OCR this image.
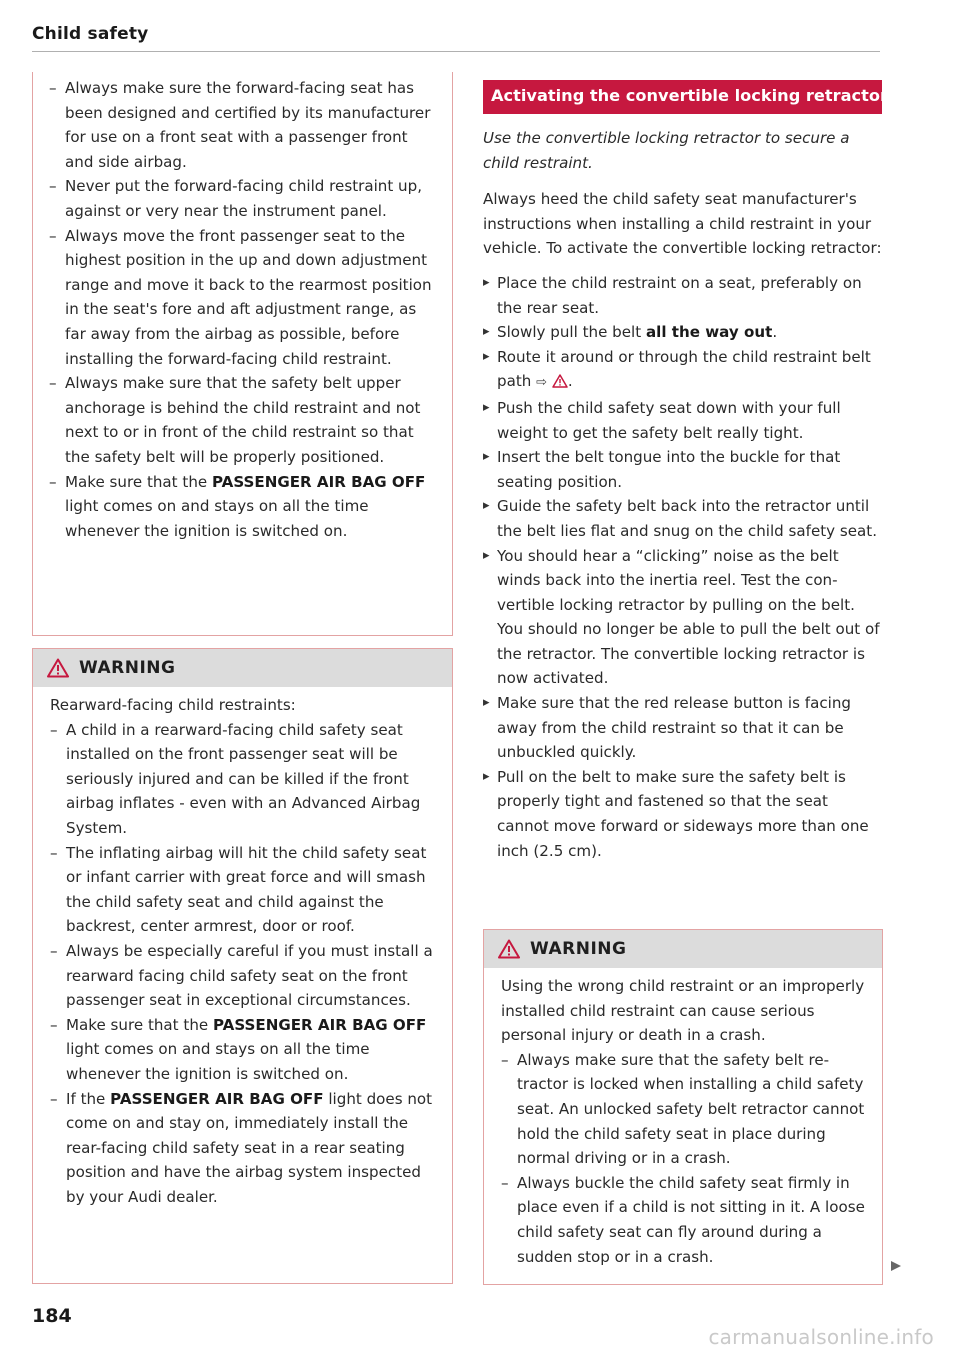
Child safety
– Always make sure the forward-facing seat has been designed and certified by its manufacturer for use on a front seat with a passenger front and side airbag.
– Never put the forward-facing child restraint up, against or very near the instrument panel.
– Always move the front passenger seat to the highest position in the up and down adjustment range and move it back to the rearmost position in the seat's fore and aft adjustment range, as far away from the airbag as possible, before installing the forward-facing child restraint.
– Always make sure that the safety belt upper anchorage is behind the child restraint and not next to or in front of the child restraint so that the safety belt will be properly positioned.
– Make sure that the PASSENGER AIR BAG OFF light comes on and stays on all the time whenever the ignition is switched on.
WARNING

Rearward-facing child restraints:

– A child in a rearward-facing child safety seat installed on the front passenger seat will be seriously injured and can be killed if the front airbag inflates - even with an Advanced Airbag System.
– The inflating airbag will hit the child safety seat or infant carrier with great force and will smash the child safety seat and child against the backrest, center armrest, door or roof.
– Always be especially careful if you must install a rearward facing child safety seat on the front passenger seat in exceptional circumstances.
– Make sure that the PASSENGER AIR BAG OFF light comes on and stays on all the time whenever the ignition is switched on.
– If the PASSENGER AIR BAG OFF light does not come on and stay on, immediately install the rear-facing child safety seat in a rear seating position and have the airbag system inspected by your Audi dealer.
Activating the convertible locking retractor

Use the convertible locking retractor to secure a child restraint.

Always heed the child safety seat manufacturer's instructions when installing a child restraint in your vehicle. To activate the convertible locking retractor:

▸ Place the child restraint on a seat, preferably on the rear seat.
▸ Slowly pull the belt all the way out.
▸ Route it around or through the child restraint belt path ⇨ .
▸ Push the child safety seat down with your full weight to get the safety belt really tight.
▸ Insert the belt tongue into the buckle for that seating position.
▸ Guide the safety belt back into the retractor until the belt lies flat and snug on the child safety seat.
▸ You should hear a “clicking” noise as the belt winds back into the inertia reel. Test the convertible locking retractor by pulling on the belt. You should no longer be able to pull the belt out of the retractor. The convertible locking retractor is now activated.
▸ Make sure that the red release button is facing away from the child restraint so that it can be unbuckled quickly.
▸ Pull on the belt to make sure the safety belt is properly tight and fastened so that the seat cannot move forward or sideways more than one inch (2.5 cm).
WARNING

Using the wrong child restraint or an improperly installed child restraint can cause serious personal injury or death in a crash.

– Always make sure that the safety belt retractor is locked when installing a child safety seat. An unlocked safety belt retractor cannot hold the child safety seat in place during normal driving or in a crash.
– Always buckle the child safety seat firmly in place even if a child is not sitting in it. A loose child safety seat can fly around during a sudden stop or in a crash.
184
carmanualsonline.info
